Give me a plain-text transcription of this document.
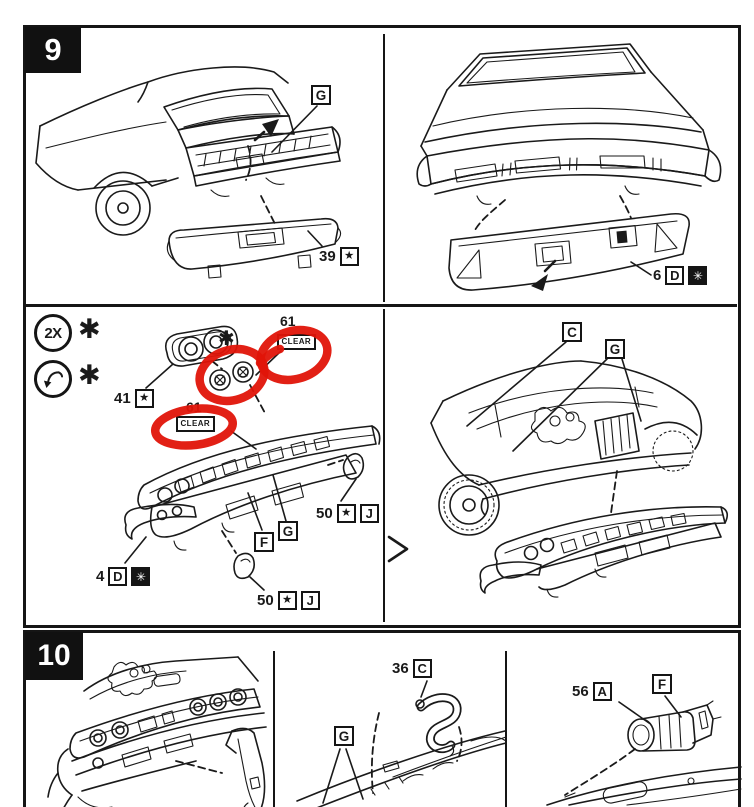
9
G
39 ★
6 D	✳
2X ✱
✱
41 ★
✱
61
CLEAR
61
CLEAR
F
G
50 ★	J
50 ★	J
4 D	✳
C
G
10	36 C
G
56 A	F
